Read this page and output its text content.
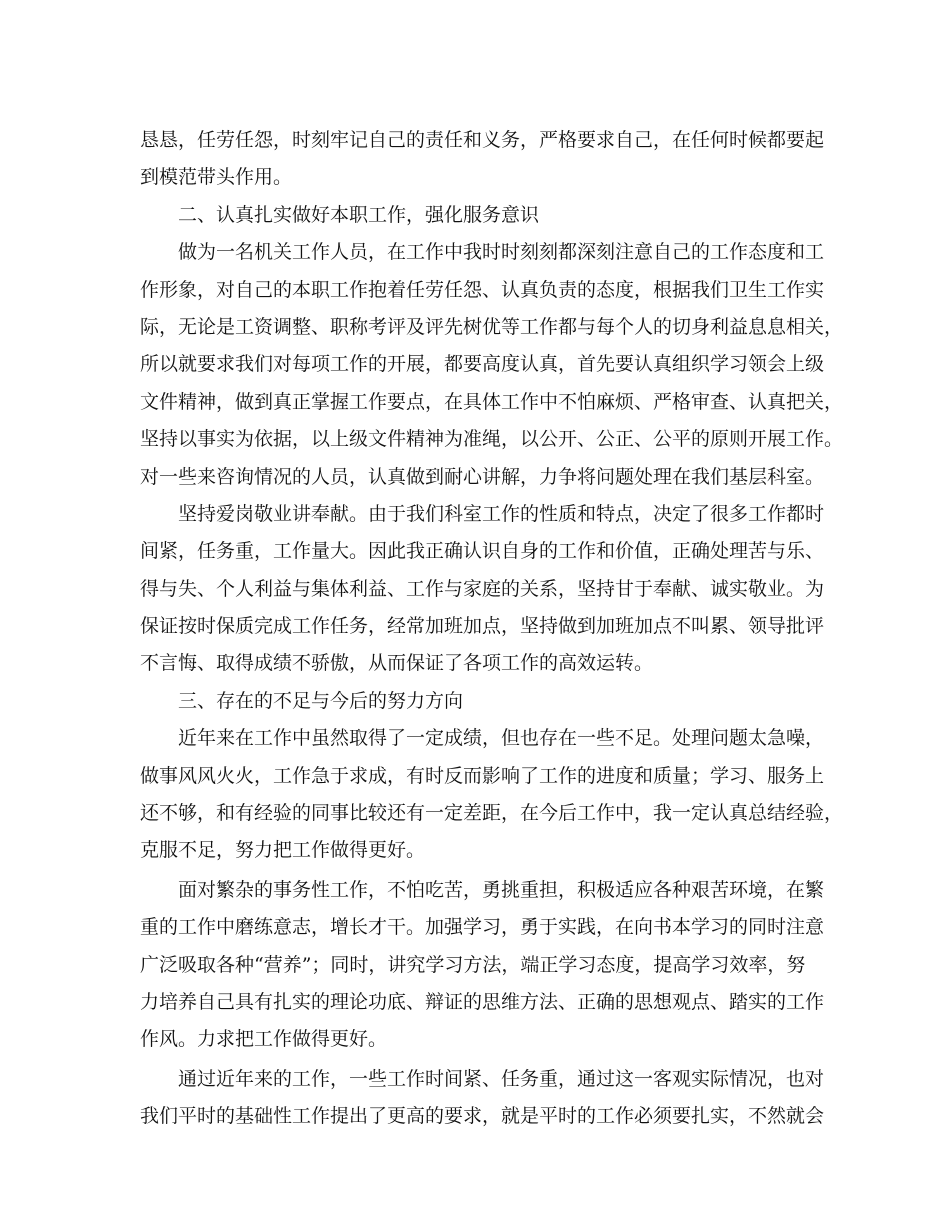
恳恳，任劳任怨，时刻牢记自己的责任和义务，严格要求自己，在任何时候都要起
到模范带头作用。
二、认真扎实做好本职工作，强化服务意识
做为一名机关工作人员，在工作中我时时刻刻都深刻注意自己的工作态度和工
作形象，对自己的本职工作抱着任劳任怨、认真负责的态度，根据我们卫生工作实
际，无论是工资调整、职称考评及评先树优等工作都与每个人的切身利益息息相关，
所以就要求我们对每项工作的开展，都要高度认真，首先要认真组织学习领会上级
文件精神，做到真正掌握工作要点，在具体工作中不怕麻烦、严格审查、认真把关，
坚持以事实为依据，以上级文件精神为准绳，以公开、公正、公平的原则开展工作。
对一些来咨询情况的人员，认真做到耐心讲解，力争将问题处理在我们基层科室。
坚持爱岗敬业讲奉献。由于我们科室工作的性质和特点，决定了很多工作都时
间紧，任务重，工作量大。因此我正确认识自身的工作和价值，正确处理苦与乐、
得与失、个人利益与集体利益、工作与家庭的关系，坚持甘于奉献、诚实敬业。为
保证按时保质完成工作任务，经常加班加点，坚持做到加班加点不叫累、领导批评
不言悔、取得成绩不骄傲，从而保证了各项工作的高效运转。
三、存在的不足与今后的努力方向
近年来在工作中虽然取得了一定成绩，但也存在一些不足。处理问题太急噪，
做事风风火火，工作急于求成，有时反而影响了工作的进度和质量；学习、服务上
还不够，和有经验的同事比较还有一定差距，在今后工作中，我一定认真总结经验，
克服不足，努力把工作做得更好。
面对繁杂的事务性工作，不怕吃苦，勇挑重担，积极适应各种艰苦环境，在繁
重的工作中磨练意志，增长才干。加强学习，勇于实践，在向书本学习的同时注意
广泛吸取各种“营养”；同时，讲究学习方法，端正学习态度，提高学习效率，努
力培养自己具有扎实的理论功底、辩证的思维方法、正确的思想观点、踏实的工作
作风。力求把工作做得更好。
通过近年来的工作，一些工作时间紧、任务重，通过这一客观实际情况，也对
我们平时的基础性工作提出了更高的要求，就是平时的工作必须要扎实，不然就会
